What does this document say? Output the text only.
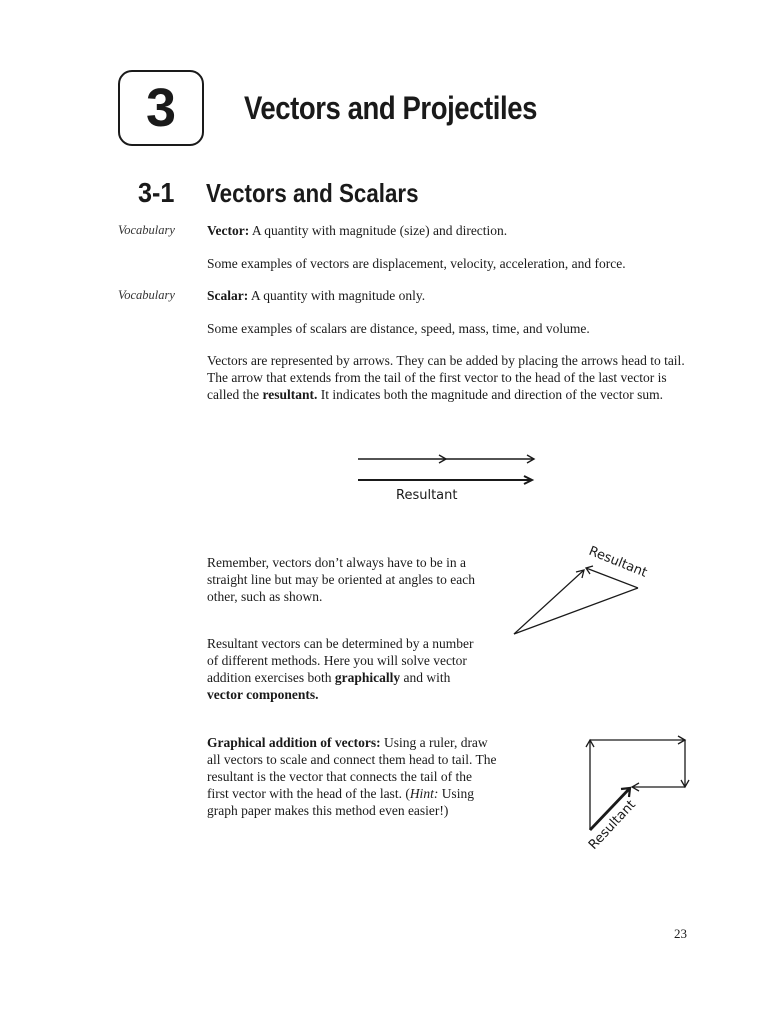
3 Vectors and Projectiles
3-1 Vectors and Scalars
Vocabulary Vector: A quantity with magnitude (size) and direction.
Some examples of vectors are displacement, velocity, acceleration, and force.
Vocabulary Scalar: A quantity with magnitude only.
Some examples of scalars are distance, speed, mass, time, and volume.
Vectors are represented by arrows. They can be added by placing the arrows head to tail. The arrow that extends from the tail of the first vector to the head of the last vector is called the resultant. It indicates both the magnitude and direction of the vector sum.
Resultant
Remember, vectors don’t always have to be in a straight line but may be oriented at angles to each other, such as shown.
Resultant
Resultant vectors can be determined by a number of different methods. Here you will solve vector addition exercises both graphically and with vector components.
Graphical addition of vectors: Using a ruler, draw all vectors to scale and connect them head to tail. The resultant is the vector that connects the tail of the first vector with the head of the last. (Hint: Using graph paper makes this method even easier!)	Resultant
23
